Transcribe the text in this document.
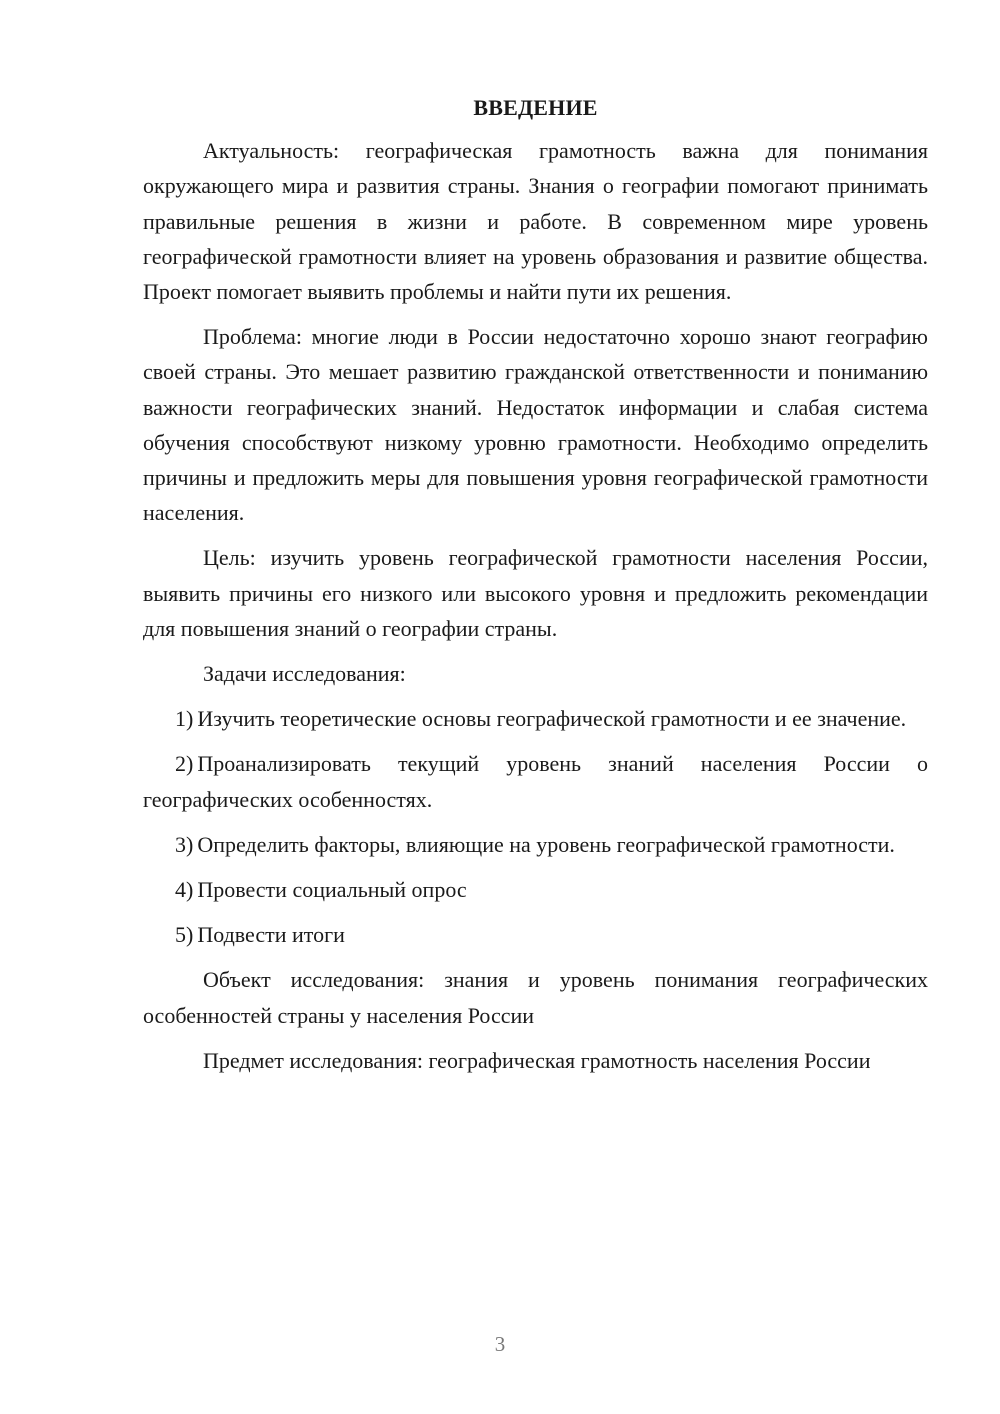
ВВЕДЕНИЕ

Актуальность: географическая грамотность важна для понимания окружающего мира и развития страны. Знания о географии помогают принимать правильные решения в жизни и работе. В современном мире уровень географической грамотности влияет на уровень образования и развитие общества. Проект помогает выявить проблемы и найти пути их решения.

Проблема: многие люди в России недостаточно хорошо знают географию своей страны. Это мешает развитию гражданской ответственности и пониманию важности географических знаний. Недостаток информации и слабая система обучения способствуют низкому уровню грамотности. Необходимо определить причины и предложить меры для повышения уровня географической грамотности населения.

Цель: изучить уровень географической грамотности населения России, выявить причины его низкого или высокого уровня и предложить рекомендации для повышения знаний о географии страны.

Задачи исследования:

1) Изучить теоретические основы географической грамотности и ее значение.

2) Проанализировать текущий уровень знаний населения России о географических особенностях.

3) Определить факторы, влияющие на уровень географической грамотности.

4) Провести социальный опрос

5) Подвести итоги

Объект исследования: знания и уровень понимания географических особенностей страны у населения России

Предмет исследования: географическая грамотность населения России

3
